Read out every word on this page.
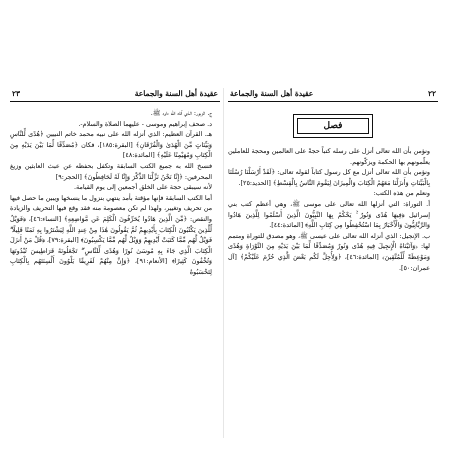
٢٣	عقيدة أهل السنة والجماعة

ج. الزبور: الذي آتاه الله داود ﷺ.

د. صحف إبراهيم وموسى - عليهما الصلاة والسلام-.

هـ. القرآن العظيم: الذي أنزله الله على نبيه محمد خاتم النبيين ﴿هُدًى لِّلنَّاسِ وَبَيِّنَاتٍ مِّنَ الْهُدَىٰ وَالْفُرْقَانِ﴾ [البقرة:١٨٥]، فكان ﴿مُصَدِّقًا لِّمَا بَيْنَ يَدَيْهِ مِنَ الْكِتَابِ وَمُهَيْمِنًا عَلَيْهِ﴾ [المائدة:٤٨]

فنسخ الله به جميع الكتب السابقة وتكفل بحفظه عن عبث العابثين وزيغ المحرفين: ﴿إِنَّا نَحْنُ نَزَّلْنَا الذِّكْرَ وَإِنَّا لَهُ لَحَافِظُونَ﴾ [الحجر:٩]

لأنه سيبقى حجة على الخلق أجمعين إلى يوم القيامة.

أما الكتب السابقة فإنها مؤقتة بأمد ينتهي بنزول ما ينسخها ويبين ما حصل فيها من تحريف وتغيير، ولهذا لم تكن معصومة منه فقد وقع فيها التحريف والزيادة والنقص: ﴿مِّنَ الَّذِينَ هَادُوا يُحَرِّفُونَ الْكَلِمَ عَن مَّوَاضِعِهِ﴾ [النساء:٤٦]، ﴿فَوَيْلٌ لِّلَّذِينَ يَكْتُبُونَ الْكِتَابَ بِأَيْدِيهِمْ ثُمَّ يَقُولُونَ هَٰذَا مِنْ عِندِ اللَّهِ لِيَشْتَرُوا بِهِ ثَمَنًا قَلِيلًا ۖ فَوَيْلٌ لَّهُم مِّمَّا كَتَبَتْ أَيْدِيهِمْ وَوَيْلٌ لَّهُم مِّمَّا يَكْسِبُونَ﴾ [البقرة:٧٩]، ﴿قُلْ مَنْ أَنزَلَ الْكِتَابَ الَّذِي جَاءَ بِهِ مُوسَىٰ نُورًا وَهُدًى لِّلنَّاسِ ۖ تَجْعَلُونَهُ قَرَاطِيسَ تُبْدُونَهَا وَتُخْفُونَ كَثِيرًا﴾ [الأنعام:٩١]، ﴿وَإِنَّ مِنْهُمْ لَفَرِيقًا يَلْوُونَ أَلْسِنَتَهُم بِالْكِتَابِ لِتَحْسَبُوهُ

٢٢
عقيدة أهل السنة والجماعة
فصل

ونؤمن بأن الله تعالى أنزل على رسله كتباً حجةً على العالمين ومحجة للعاملين يعلّمونهم بها الحكمة ويزكّونهم.

ونؤمن بأن الله تعالى أنزل مع كل رسول كتاباً لقوله تعالى: ﴿لَقَدْ أَرْسَلْنَا رُسُلَنَا بِالْبَيِّنَاتِ وَأَنزَلْنَا مَعَهُمُ الْكِتَابَ وَالْمِيزَانَ لِيَقُومَ النَّاسُ بِالْقِسْطِ﴾ [الحديد:٢٥].

ونعلم من هذه الكتب:

أ. التوراة: التي أنزلها الله تعالى على موسى ﷺ، وهي أعظم كتب بني إسرائيل ﴿فِيهَا هُدًى وَنُورٌ ۚ يَحْكُمُ بِهَا النَّبِيُّونَ الَّذِينَ أَسْلَمُوا لِلَّذِينَ هَادُوا وَالرَّبَّانِيُّونَ وَالْأَحْبَارُ بِمَا اسْتُحْفِظُوا مِن كِتَابِ اللَّهِ﴾ [المائدة:٤٤].

ب. الإنجيل: الذي أنزله الله تعالى على عيسى ﷺ، وهو مصدق للتوراة ومتمم لها: ﴿وَآتَيْنَاهُ الْإِنجِيلَ فِيهِ هُدًى وَنُورٌ وَمُصَدِّقًا لِّمَا بَيْنَ يَدَيْهِ مِنَ التَّوْرَاةِ وَهُدًى وَمَوْعِظَةً لِّلْمُتَّقِينَ﴾ [المائدة:٤٦]، ﴿وَلِأُحِلَّ لَكُم بَعْضَ الَّذِي حُرِّمَ عَلَيْكُمْ﴾ [آل عمران:٥٠].
